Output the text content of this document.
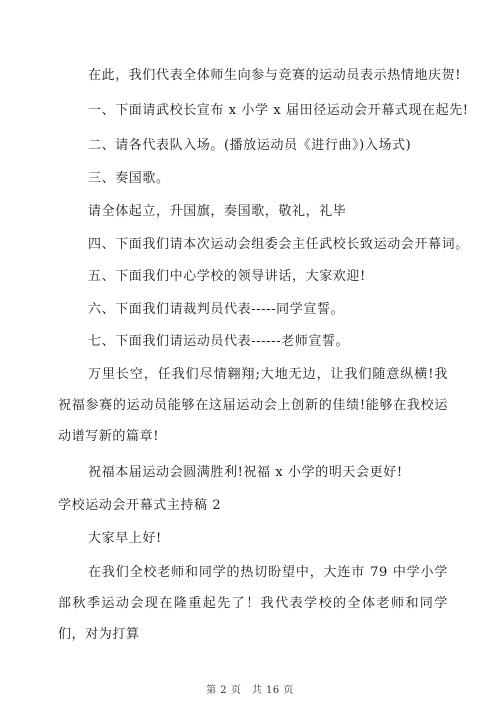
在此，我们代表全体师生向参与竞赛的运动员表示热情地庆贺!
一、下面请武校长宣布 x 小学 x 届田径运动会开幕式现在起先!
二、请各代表队入场。(播放运动员《进行曲》)入场式)
三、奏国歌。
请全体起立，升国旗，奏国歌，敬礼，礼毕
四、下面我们请本次运动会组委会主任武校长致运动会开幕词。
五、下面我们中心学校的领导讲话，大家欢迎!
六、下面我们请裁判员代表-----同学宣誓。
七、下面我们请运动员代表------老师宣誓。
万里长空，任我们尽情翱翔;大地无边，让我们随意纵横!我祝福参赛的运动员能够在这届运动会上创新的佳绩!能够在我校运动谱写新的篇章!
祝福本届运动会圆满胜利!祝福 x 小学的明天会更好!
学校运动会开幕式主持稿 2
大家早上好!
在我们全校老师和同学的热切盼望中，大连市 79 中学小学部秋季运动会现在隆重起先了！我代表学校的全体老师和同学们，对为打算
第 2 页　共 16 页
